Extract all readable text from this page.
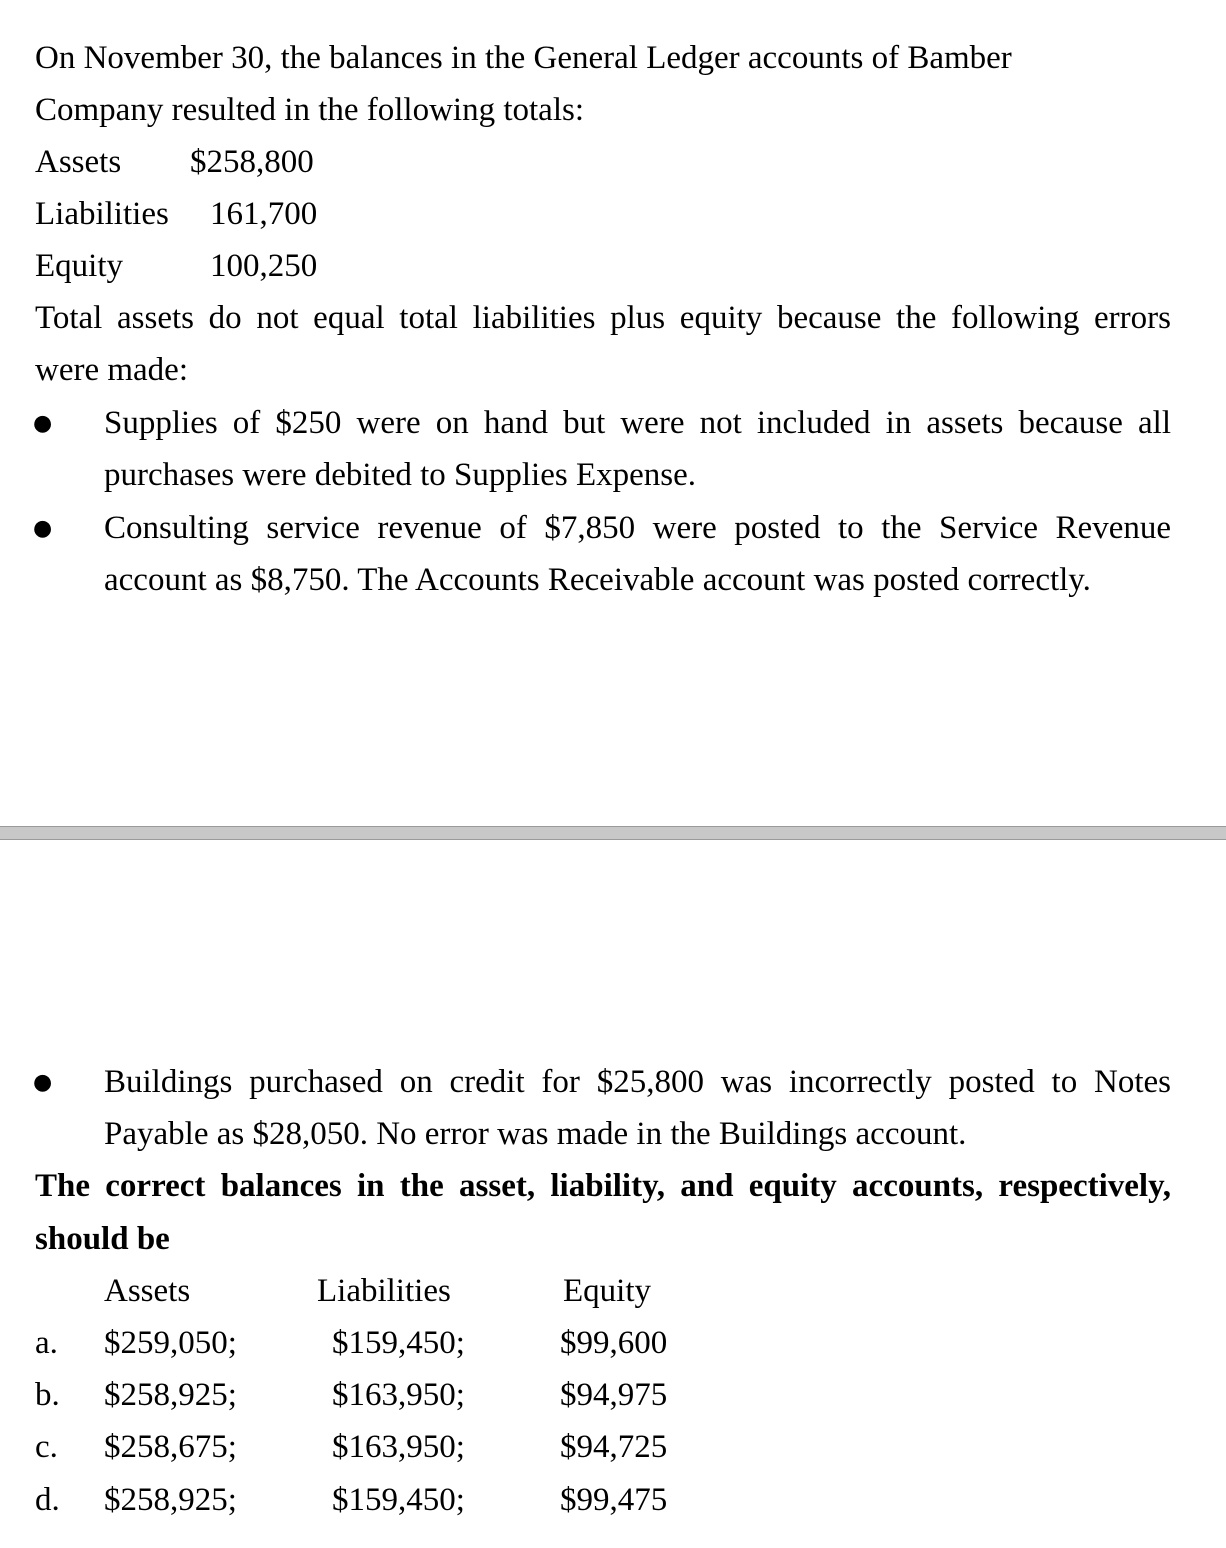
On November 30, the balances in the General Ledger accounts of Bamber
Company resulted in the following totals:
Assets $258,800
Liabilities 161,700
Equity	100,250
Total assets do not equal total liabilities plus equity because the following errors
were made:
● Supplies of $250 were on hand but were not included in assets because all
purchases were debited to Supplies Expense.
● Consulting service revenue of $7,850 were posted to the Service Revenue
account as $8,750. The Accounts Receivable account was posted correctly.
● Buildings purchased on credit for $25,800 was incorrectly posted to Notes
Payable as $28,050. No error was made in the Buildings account.
The correct balances in the asset, liability, and equity accounts, respectively,
should be
Assets	Liabilities	Equity
a. $259,050;	$159,450;	$99,600
b. $258,925;	$163,950;	$94,975
c. $258,675;	$163,950;	$94,725
d. $258,925;	$159,450;	$99,475
